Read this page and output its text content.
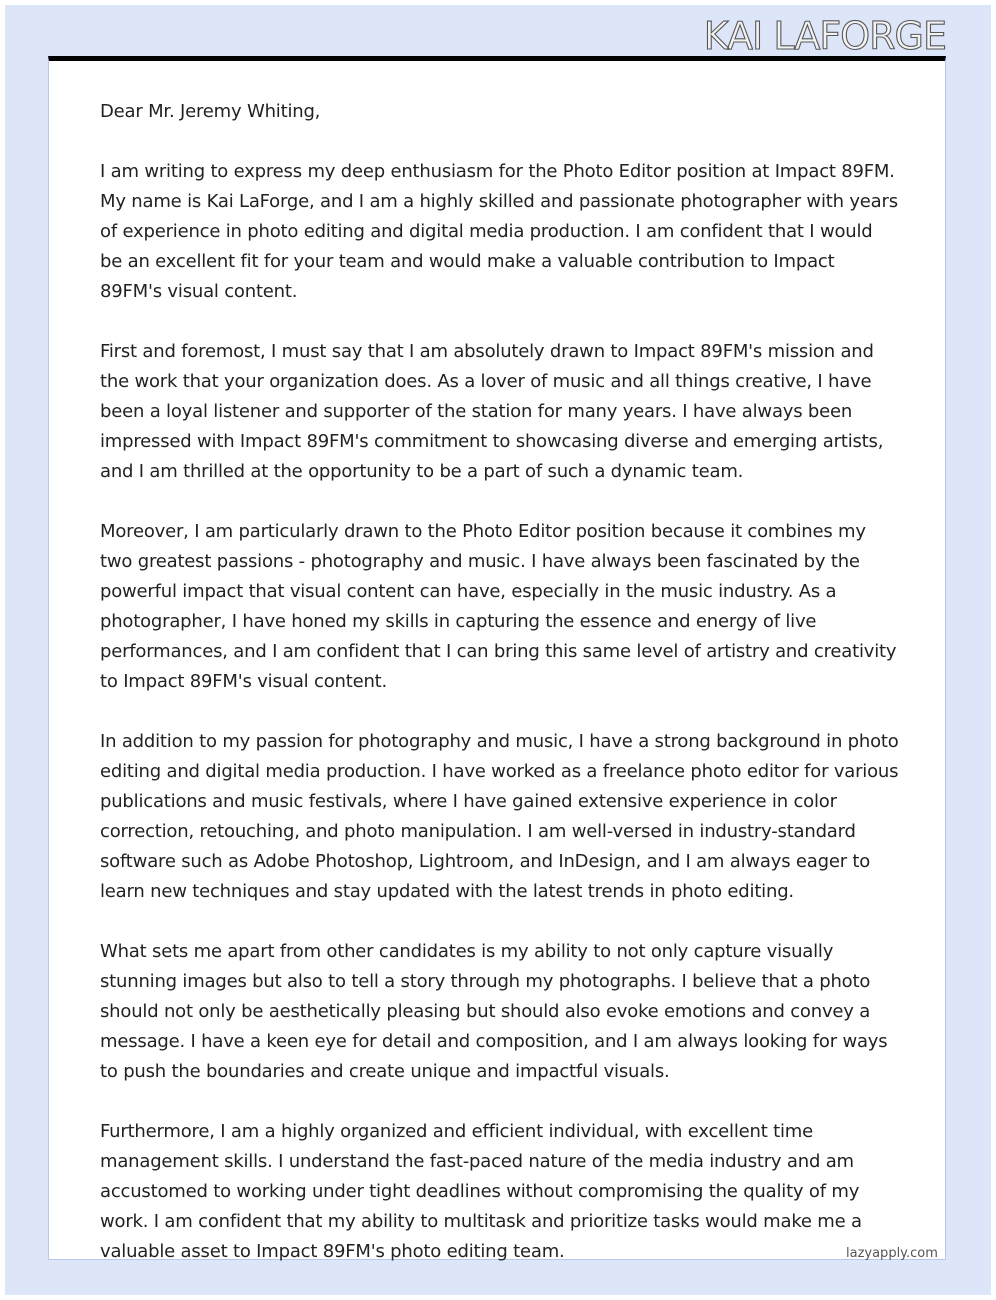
KAI LAFORGE

Dear Mr. Jeremy Whiting,

I am writing to express my deep enthusiasm for the Photo Editor position at Impact 89FM. My name is Kai LaForge, and I am a highly skilled and passionate photographer with years of experience in photo editing and digital media production. I am confident that I would be an excellent fit for your team and would make a valuable contribution to Impact 89FM's visual content.

First and foremost, I must say that I am absolutely drawn to Impact 89FM's mission and the work that your organization does. As a lover of music and all things creative, I have been a loyal listener and supporter of the station for many years. I have always been impressed with Impact 89FM's commitment to showcasing diverse and emerging artists, and I am thrilled at the opportunity to be a part of such a dynamic team.

Moreover, I am particularly drawn to the Photo Editor position because it combines my two greatest passions - photography and music. I have always been fascinated by the powerful impact that visual content can have, especially in the music industry. As a photographer, I have honed my skills in capturing the essence and energy of live performances, and I am confident that I can bring this same level of artistry and creativity to Impact 89FM's visual content.

In addition to my passion for photography and music, I have a strong background in photo editing and digital media production. I have worked as a freelance photo editor for various publications and music festivals, where I have gained extensive experience in color correction, retouching, and photo manipulation. I am well-versed in industry-standard software such as Adobe Photoshop, Lightroom, and InDesign, and I am always eager to learn new techniques and stay updated with the latest trends in photo editing.

What sets me apart from other candidates is my ability to not only capture visually stunning images but also to tell a story through my photographs. I believe that a photo should not only be aesthetically pleasing but should also evoke emotions and convey a message. I have a keen eye for detail and composition, and I am always looking for ways to push the boundaries and create unique and impactful visuals.

Furthermore, I am a highly organized and efficient individual, with excellent time management skills. I understand the fast-paced nature of the media industry and am accustomed to working under tight deadlines without compromising the quality of my work. I am confident that my ability to multitask and prioritize tasks would make me a valuable asset to Impact 89FM's photo editing team.	lazyapply.com
